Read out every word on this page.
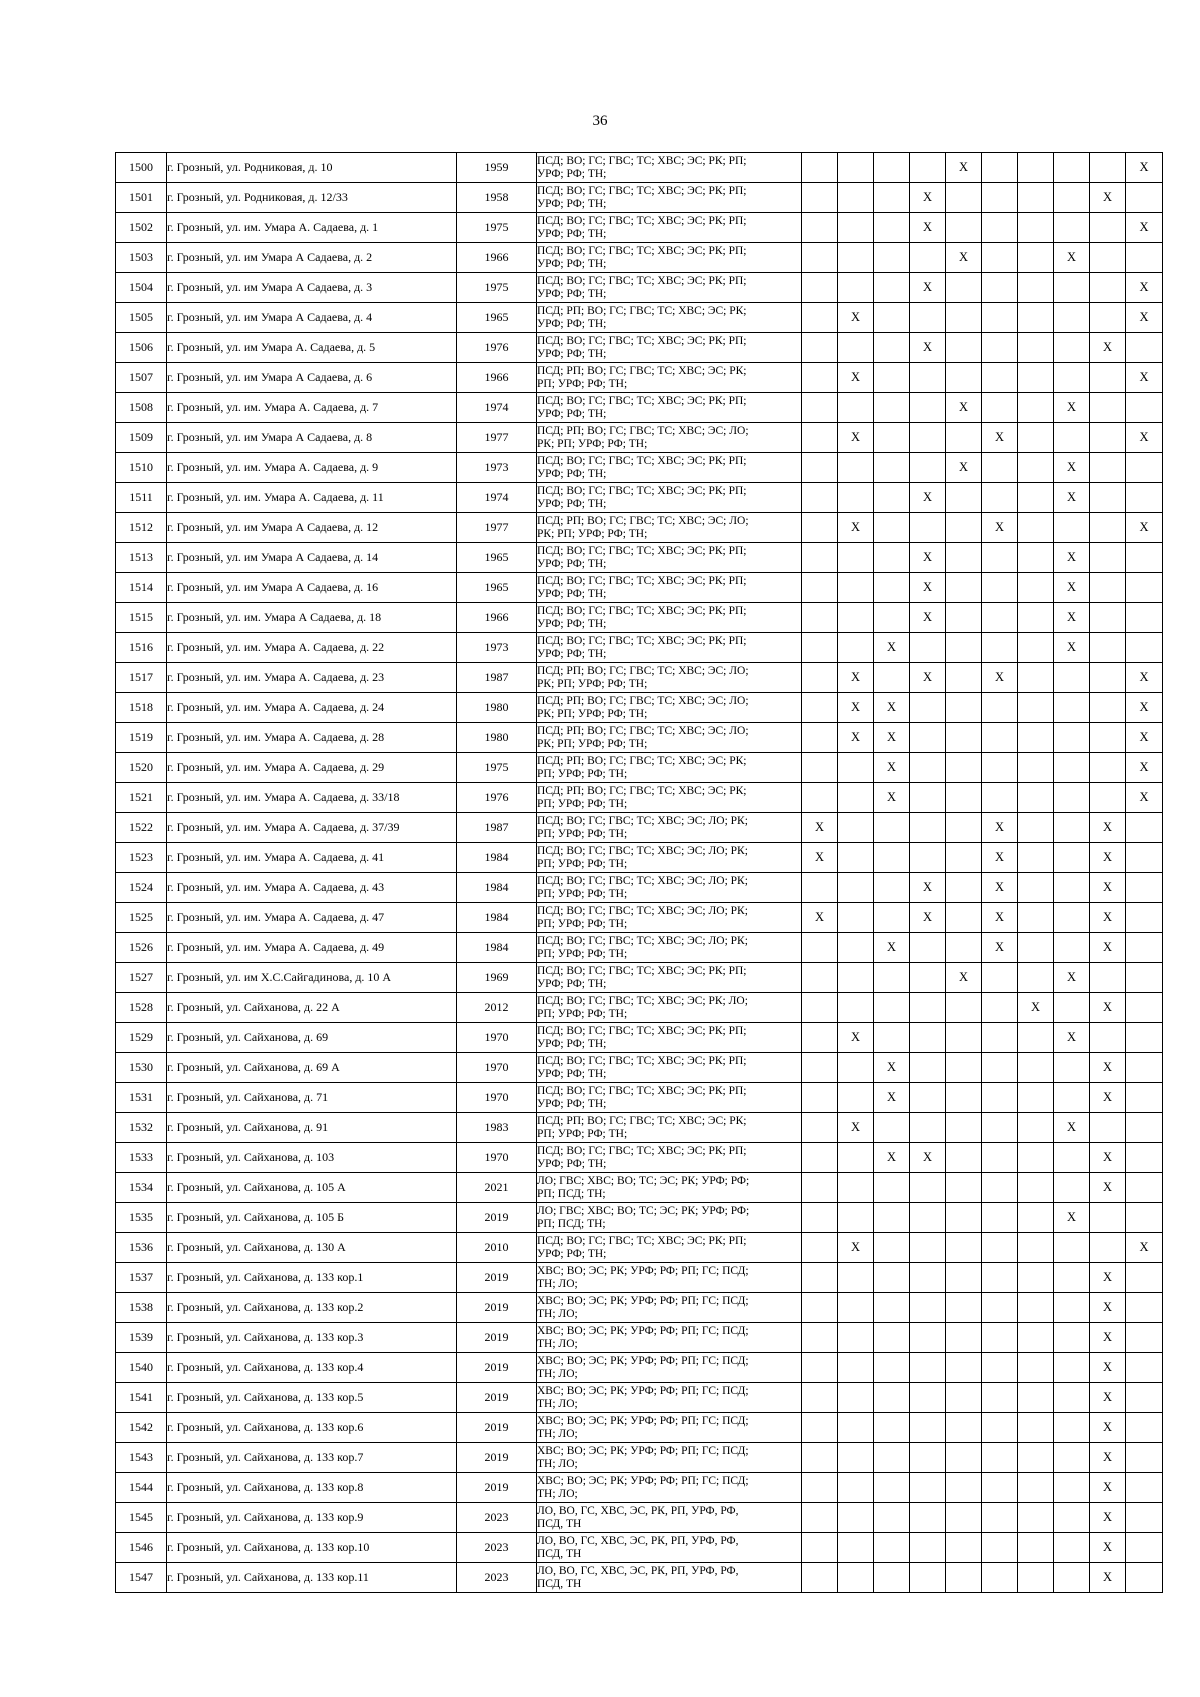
36
1500	г. Грозный, ул. Родниковая, д. 10	1959	ПСД; ВО; ГС; ГВС; ТС; ХВС; ЭС; РК; РП;
УРФ; РФ; ТН;					X					X
1501	г. Грозный, ул. Родниковая, д. 12/33	1958	ПСД; ВО; ГС; ГВС; ТС; ХВС; ЭС; РК; РП;
УРФ; РФ; ТН;				X					X	
1502	г. Грозный, ул. им. Умара А. Садаева, д. 1	1975	ПСД; ВО; ГС; ГВС; ТС; ХВС; ЭС; РК; РП;
УРФ; РФ; ТН;				X						X
1503	г. Грозный, ул. им Умара А Садаева, д. 2	1966	ПСД; ВО; ГС; ГВС; ТС; ХВС; ЭС; РК; РП;
УРФ; РФ; ТН;					X			X		
1504	г. Грозный, ул. им Умара А Садаева, д. 3	1975	ПСД; ВО; ГС; ГВС; ТС; ХВС; ЭС; РК; РП;
УРФ; РФ; ТН;				X						X
1505	г. Грозный, ул. им Умара А Садаева, д. 4	1965	ПСД; РП; ВО; ГС; ГВС; ТС; ХВС; ЭС; РК;
УРФ; РФ; ТН;		X								X
1506	г. Грозный, ул. им Умара А. Садаева, д. 5	1976	ПСД; ВО; ГС; ГВС; ТС; ХВС; ЭС; РК; РП;
УРФ; РФ; ТН;				X					X	
1507	г. Грозный, ул. им Умара А Садаева, д. 6	1966	ПСД; РП; ВО; ГС; ГВС; ТС; ХВС; ЭС; РК;
РП; УРФ; РФ; ТН;		X								X
1508	г. Грозный, ул. им. Умара А. Садаева, д. 7	1974	ПСД; ВО; ГС; ГВС; ТС; ХВС; ЭС; РК; РП;
УРФ; РФ; ТН;					X			X		
1509	г. Грозный, ул. им Умара А Садаева, д. 8	1977	ПСД; РП; ВО; ГС; ГВС; ТС; ХВС; ЭС; ЛО;
РК; РП; УРФ; РФ; ТН;		X				X				X
1510	г. Грозный, ул. им. Умара А. Садаева, д. 9	1973	ПСД; ВО; ГС; ГВС; ТС; ХВС; ЭС; РК; РП;
УРФ; РФ; ТН;					X			X		
1511	г. Грозный, ул. им. Умара А. Садаева, д. 11	1974	ПСД; ВО; ГС; ГВС; ТС; ХВС; ЭС; РК; РП;
УРФ; РФ; ТН;				X				X		
1512	г. Грозный, ул. им Умара А Садаева, д. 12	1977	ПСД; РП; ВО; ГС; ГВС; ТС; ХВС; ЭС; ЛО;
РК; РП; УРФ; РФ; ТН;		X				X				X
1513	г. Грозный, ул. им Умара А Садаева, д. 14	1965	ПСД; ВО; ГС; ГВС; ТС; ХВС; ЭС; РК; РП;
УРФ; РФ; ТН;				X				X		
1514	г. Грозный, ул. им Умара А Садаева, д. 16	1965	ПСД; ВО; ГС; ГВС; ТС; ХВС; ЭС; РК; РП;
УРФ; РФ; ТН;				X				X		
1515	г. Грозный, ул. им. Умара А Садаева, д. 18	1966	ПСД; ВО; ГС; ГВС; ТС; ХВС; ЭС; РК; РП;
УРФ; РФ; ТН;				X				X		
1516	г. Грозный, ул. им. Умара А. Садаева, д. 22	1973	ПСД; ВО; ГС; ГВС; ТС; ХВС; ЭС; РК; РП;
УРФ; РФ; ТН;			X					X		
1517	г. Грозный, ул. им. Умара А. Садаева, д. 23	1987	ПСД; РП; ВО; ГС; ГВС; ТС; ХВС; ЭС; ЛО;
РК; РП; УРФ; РФ; ТН;		X		X		X				X
1518	г. Грозный, ул. им. Умара А. Садаева, д. 24	1980	ПСД; РП; ВО; ГС; ГВС; ТС; ХВС; ЭС; ЛО;
РК; РП; УРФ; РФ; ТН;		X	X							X
1519	г. Грозный, ул. им. Умара А. Садаева, д. 28	1980	ПСД; РП; ВО; ГС; ГВС; ТС; ХВС; ЭС; ЛО;
РК; РП; УРФ; РФ; ТН;		X	X							X
1520	г. Грозный, ул. им. Умара А. Садаева, д. 29	1975	ПСД; РП; ВО; ГС; ГВС; ТС; ХВС; ЭС; РК;
РП; УРФ; РФ; ТН;			X							X
1521	г. Грозный, ул. им. Умара А. Садаева, д. 33/18	1976	ПСД; РП; ВО; ГС; ГВС; ТС; ХВС; ЭС; РК;
РП; УРФ; РФ; ТН;			X							X
1522	г. Грозный, ул. им. Умара А. Садаева, д. 37/39	1987	ПСД; ВО; ГС; ГВС; ТС; ХВС; ЭС; ЛО; РК;
РП; УРФ; РФ; ТН;	X					X			X	
1523	г. Грозный, ул. им. Умара А. Садаева, д. 41	1984	ПСД; ВО; ГС; ГВС; ТС; ХВС; ЭС; ЛО; РК;
РП; УРФ; РФ; ТН;	X					X			X	
1524	г. Грозный, ул. им. Умара А. Садаева, д. 43	1984	ПСД; ВО; ГС; ГВС; ТС; ХВС; ЭС; ЛО; РК;
РП; УРФ; РФ; ТН;				X		X			X	
1525	г. Грозный, ул. им. Умара А. Садаева, д. 47	1984	ПСД; ВО; ГС; ГВС; ТС; ХВС; ЭС; ЛО; РК;
РП; УРФ; РФ; ТН;	X			X		X			X	
1526	г. Грозный, ул. им. Умара А. Садаева, д. 49	1984	ПСД; ВО; ГС; ГВС; ТС; ХВС; ЭС; ЛО; РК;
РП; УРФ; РФ; ТН;			X			X			X	
1527	г. Грозный, ул. им Х.С.Сайгадинова, д. 10 А	1969	ПСД; ВО; ГС; ГВС; ТС; ХВС; ЭС; РК; РП;
УРФ; РФ; ТН;					X			X		
1528	г. Грозный, ул. Сайханова, д. 22 А	2012	ПСД; ВО; ГС; ГВС; ТС; ХВС; ЭС; РК; ЛО;
РП; УРФ; РФ; ТН;							X		X	
1529	г. Грозный, ул. Сайханова, д. 69	1970	ПСД; ВО; ГС; ГВС; ТС; ХВС; ЭС; РК; РП;
УРФ; РФ; ТН;		X						X		
1530	г. Грозный, ул. Сайханова, д. 69 А	1970	ПСД; ВО; ГС; ГВС; ТС; ХВС; ЭС; РК; РП;
УРФ; РФ; ТН;			X						X	
1531	г. Грозный, ул. Сайханова, д. 71	1970	ПСД; ВО; ГС; ГВС; ТС; ХВС; ЭС; РК; РП;
УРФ; РФ; ТН;			X						X	
1532	г. Грозный, ул. Сайханова, д. 91	1983	ПСД; РП; ВО; ГС; ГВС; ТС; ХВС; ЭС; РК;
РП; УРФ; РФ; ТН;		X						X		
1533	г. Грозный, ул. Сайханова, д. 103	1970	ПСД; ВО; ГС; ГВС; ТС; ХВС; ЭС; РК; РП;
УРФ; РФ; ТН;			X	X					X	
1534	г. Грозный, ул. Сайханова, д. 105 А	2021	ЛО; ГВС; ХВС; ВО; ТС; ЭС; РК; УРФ; РФ;
РП; ПСД; ТН;									X	
1535	г. Грозный, ул. Сайханова, д. 105 Б	2019	ЛО; ГВС; ХВС; ВО; ТС; ЭС; РК; УРФ; РФ;
РП; ПСД; ТН;								X		
1536	г. Грозный, ул. Сайханова, д. 130 А	2010	ПСД; ВО; ГС; ГВС; ТС; ХВС; ЭС; РК; РП;
УРФ; РФ; ТН;		X								X
1537	г. Грозный, ул. Сайханова, д. 133 кор.1	2019	ХВС; ВО; ЭС; РК; УРФ; РФ; РП; ГС; ПСД;
ТН; ЛО;									X	
1538	г. Грозный, ул. Сайханова, д. 133 кор.2	2019	ХВС; ВО; ЭС; РК; УРФ; РФ; РП; ГС; ПСД;
ТН; ЛО;									X	
1539	г. Грозный, ул. Сайханова, д. 133 кор.3	2019	ХВС; ВО; ЭС; РК; УРФ; РФ; РП; ГС; ПСД;
ТН; ЛО;									X	
1540	г. Грозный, ул. Сайханова, д. 133 кор.4	2019	ХВС; ВО; ЭС; РК; УРФ; РФ; РП; ГС; ПСД;
ТН; ЛО;									X	
1541	г. Грозный, ул. Сайханова, д. 133 кор.5	2019	ХВС; ВО; ЭС; РК; УРФ; РФ; РП; ГС; ПСД;
ТН; ЛО;									X	
1542	г. Грозный, ул. Сайханова, д. 133 кор.6	2019	ХВС; ВО; ЭС; РК; УРФ; РФ; РП; ГС; ПСД;
ТН; ЛО;									X	
1543	г. Грозный, ул. Сайханова, д. 133 кор.7	2019	ХВС; ВО; ЭС; РК; УРФ; РФ; РП; ГС; ПСД;
ТН; ЛО;									X	
1544	г. Грозный, ул. Сайханова, д. 133 кор.8	2019	ХВС; ВО; ЭС; РК; УРФ; РФ; РП; ГС; ПСД;
ТН; ЛО;									X	
1545	г. Грозный, ул. Сайханова, д. 133 кор.9	2023	ЛО, ВО, ГС, ХВС, ЭС, РК, РП, УРФ, РФ,
ПСД, ТН									X	
1546	г. Грозный, ул. Сайханова, д. 133 кор.10	2023	ЛО, ВО, ГС, ХВС, ЭС, РК, РП, УРФ, РФ,
ПСД, ТН									X	
1547	г. Грозный, ул. Сайханова, д. 133 кор.11	2023	ЛО, ВО, ГС, ХВС, ЭС, РК, РП, УРФ, РФ,
ПСД, ТН									X	
